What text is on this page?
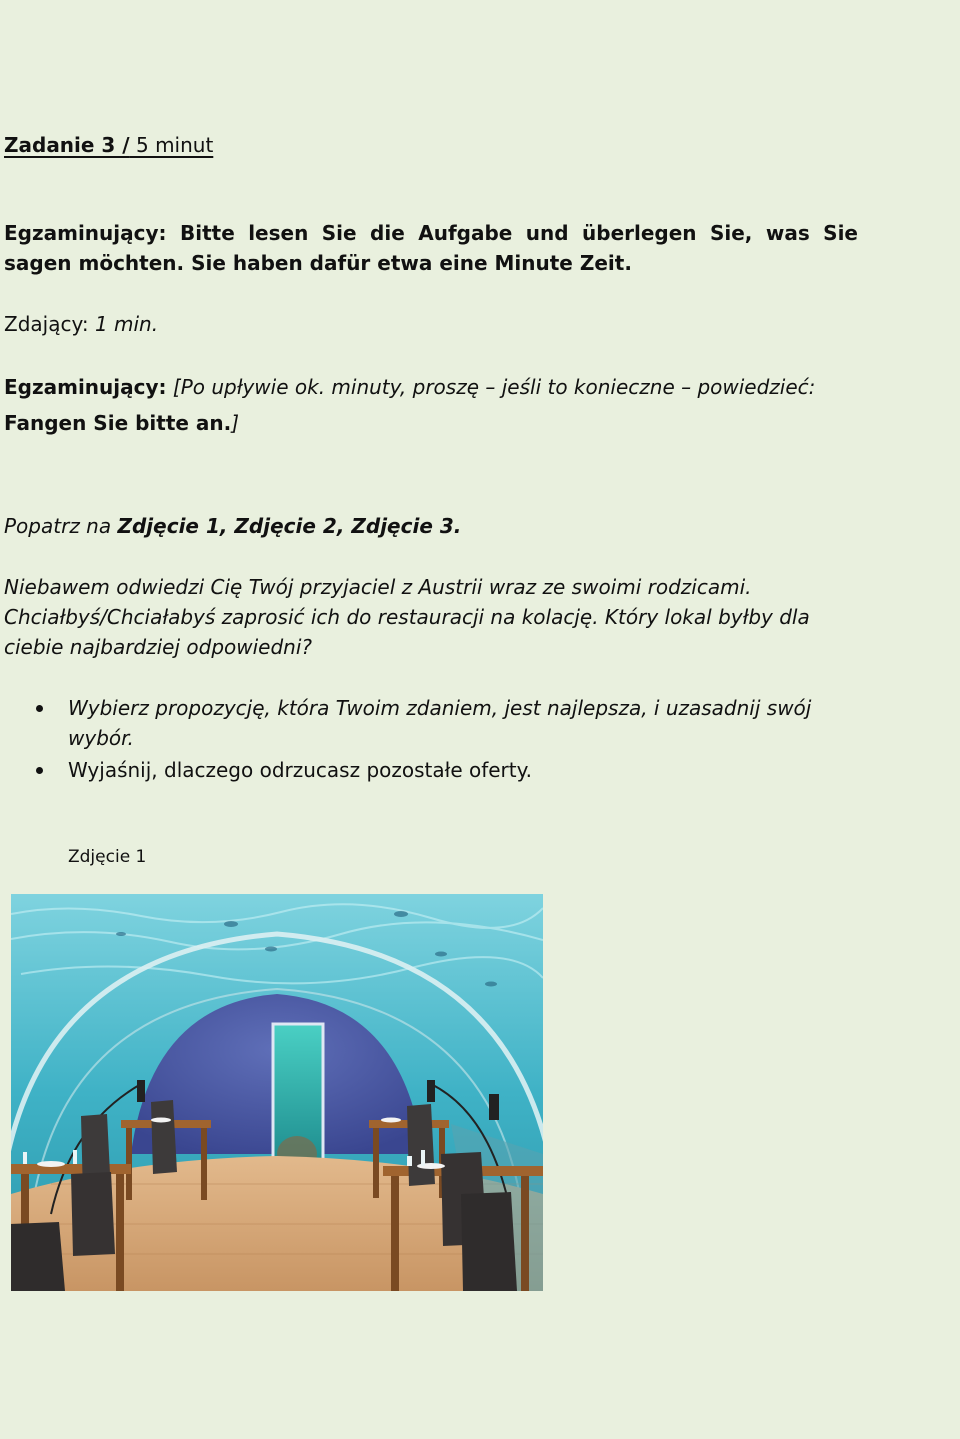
Zadanie 3 / 5 minut
Egzaminujący: Bitte lesen Sie die Aufgabe und überlegen Sie, was Sie sagen möchten. Sie haben dafür etwa eine Minute Zeit.
Zdający: 1 min.
Egzaminujący: [Po upływie ok. minuty, proszę – jeśli to konieczne – powiedzieć: Fangen Sie bitte an.]
Popatrz na Zdjęcie 1, Zdjęcie 2, Zdjęcie 3.
Niebawem odwiedzi Cię Twój przyjaciel z Austrii wraz ze swoimi rodzicami. Chciałbyś/Chciałabyś zaprosić ich do restauracji na kolację. Który lokal byłby dla ciebie najbardziej odpowiedni?
Wybierz propozycję, która Twoim zdaniem, jest najlepsza, i uzasadnij swój wybór.
Wyjaśnij, dlaczego odrzucasz pozostałe oferty.
Zdjęcie 1
